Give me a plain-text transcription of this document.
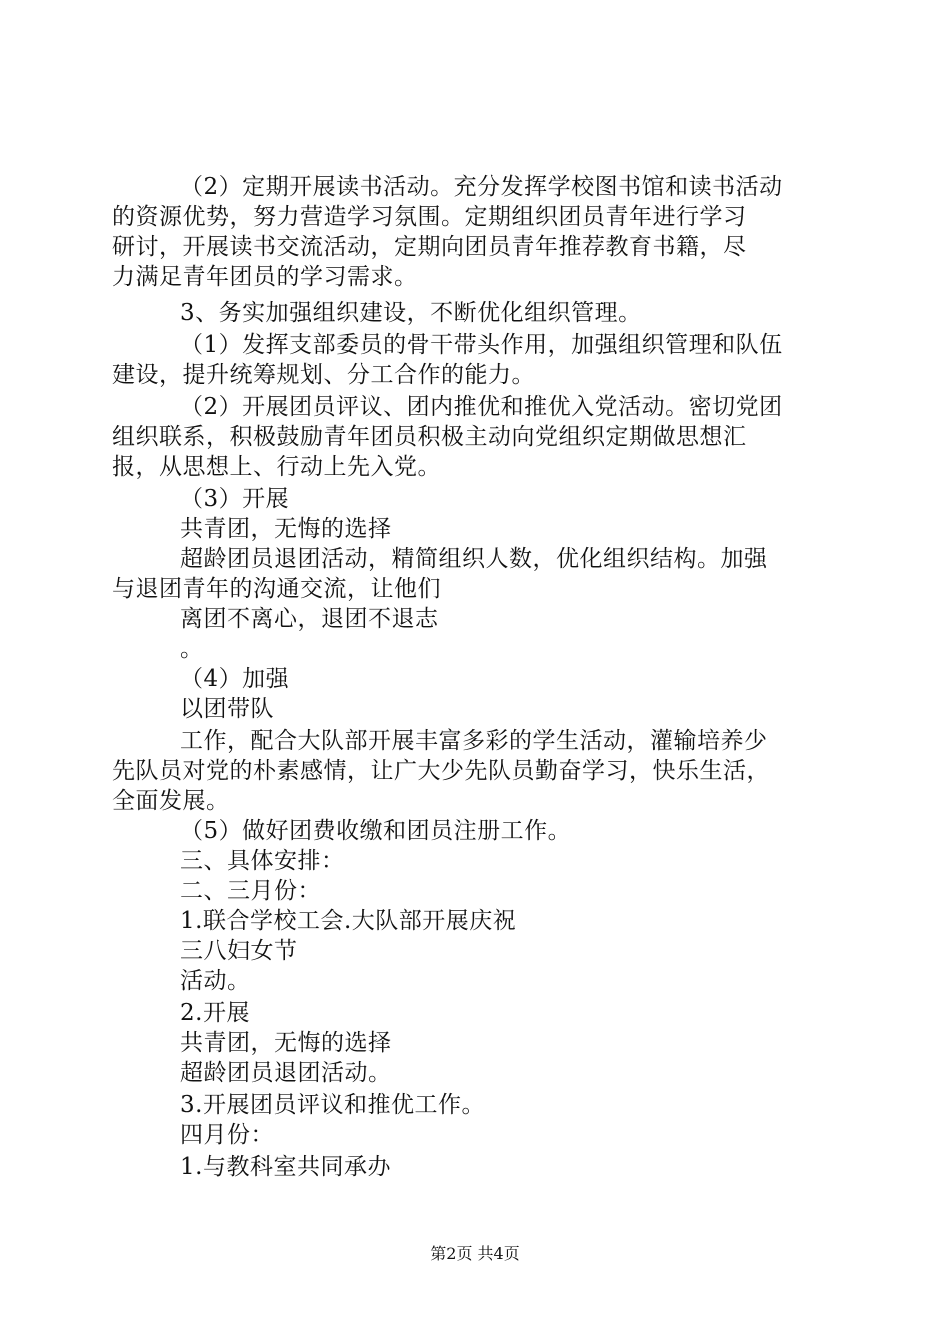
（2）定期开展读书活动。充分发挥学校图书馆和读书活动
的资源优势，努力营造学习氛围。定期组织团员青年进行学习
研讨，开展读书交流活动，定期向团员青年推荐教育书籍，尽
力满足青年团员的学习需求。
3、务实加强组织建设，不断优化组织管理。
（1）发挥支部委员的骨干带头作用，加强组织管理和队伍
建设，提升统筹规划、分工合作的能力。
（2）开展团员评议、团内推优和推优入党活动。密切党团
组织联系，积极鼓励青年团员积极主动向党组织定期做思想汇
报，从思想上、行动上先入党。
（3）开展
共青团，无悔的选择
超龄团员退团活动，精简组织人数，优化组织结构。加强
与退团青年的沟通交流，让他们
离团不离心，退团不退志
。
（4）加强
以团带队
工作，配合大队部开展丰富多彩的学生活动，灌输培养少
先队员对党的朴素感情，让广大少先队员勤奋学习，快乐生活，
全面发展。
（5）做好团费收缴和团员注册工作。
三、具体安排：
二、三月份：
1.联合学校工会.大队部开展庆祝
三八妇女节
活动。
2.开展
共青团，无悔的选择
超龄团员退团活动。
3.开展团员评议和推优工作。
四月份：
1.与教科室共同承办
第2页 共4页
